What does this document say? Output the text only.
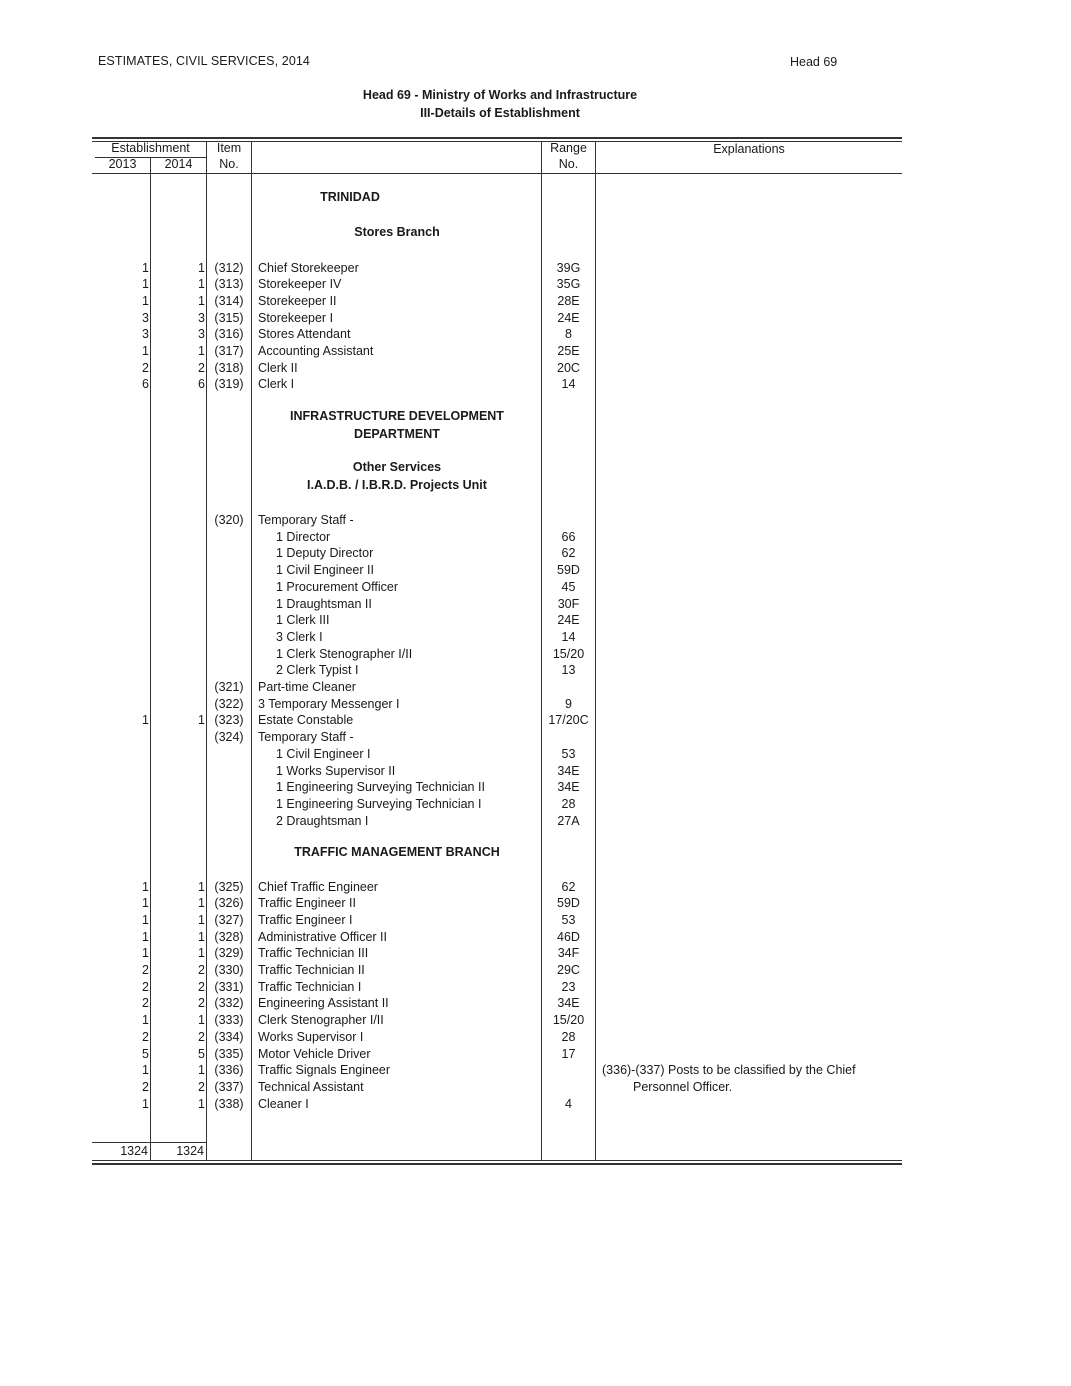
ESTIMATES, CIVIL SERVICES, 2014	Head 69
Head 69 - Ministry of Works and Infrastructure
III-Details of Establishment
Establishment
2013	2014
Item
No.
Range
No.
Explanations
TRINIDAD
Stores Branch
INFRASTRUCTURE DEVELOPMENT
DEPARTMENT
Other Services
I.A.D.B. / I.B.R.D. Projects Unit
TRAFFIC MANAGEMENT BRANCH
1	1 (312)	Chief Storekeeper	39G
1	1 (313)	Storekeeper IV	35G
1	1 (314)	Storekeeper II	28E
3	3 (315)	Storekeeper I	24E
3	3 (316)	Stores Attendant	8
1	1 (317)	Accounting Assistant	25E
2	2 (318)	Clerk II	20C
6	6 (319)	Clerk I	14
(320)	Temporary Staff -
1 Director	66
1 Deputy Director	62
1 Civil Engineer II	59D
1 Procurement Officer	45
1 Draughtsman II	30F
1 Clerk III	24E
3 Clerk I	14
1 Clerk Stenographer I/II	15/20
2 Clerk Typist I	13
(321)	Part-time Cleaner
(322)	3 Temporary Messenger I	9
1	1 (323)	Estate Constable	17/20C
(324)	Temporary Staff -
1 Civil Engineer I	53
1 Works Supervisor II	34E
1 Engineering Surveying Technician II	34E
1 Engineering Surveying Technician I	28
2 Draughtsman I	27A
1	1 (325)	Chief Traffic Engineer	62
1	1 (326)	Traffic Engineer II	59D
1	1 (327)	Traffic Engineer I	53
1	1 (328)	Administrative Officer II	46D
1	1 (329)	Traffic Technician III	34F
2	2 (330)	Traffic Technician II	29C
2	2 (331)	Traffic Technician I	23
2	2 (332)	Engineering Assistant II	34E
1	1 (333)	Clerk Stenographer I/II	15/20
2	2 (334)	Works Supervisor I	28
5	5 (335)	Motor Vehicle Driver	17
1	1 (336)	Traffic Signals Engineer
2	2 (337)	Technical Assistant
1	1 (338)	Cleaner I	4
(336)-(337) Posts to be classified by the Chief
Personnel Officer.
1324	1324
